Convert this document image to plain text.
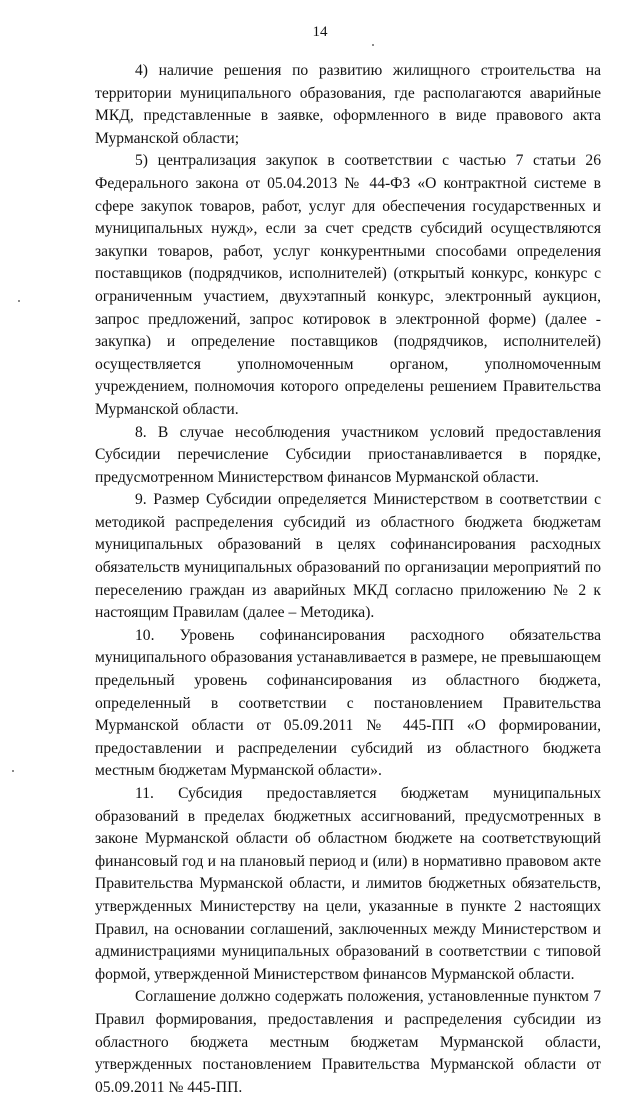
14

4) наличие решения по развитию жилищного строительства на территории муниципального образования, где располагаются аварийные МКД, представленные в заявке, оформленного в виде правового акта Мурманской области;

5) централизация закупок в соответствии с частью 7 статьи 26 Федерального закона от 05.04.2013 № 44-ФЗ «О контрактной системе в сфере закупок товаров, работ, услуг для обеспечения государственных и муниципальных нужд», если за счет средств субсидий осуществляются закупки товаров, работ, услуг конкурентными способами определения поставщиков (подрядчиков, исполнителей) (открытый конкурс, конкурс с ограниченным участием, двухэтапный конкурс, электронный аукцион, запрос предложений, запрос котировок в электронной форме) (далее - закупка) и определение поставщиков (подрядчиков, исполнителей) осуществляется уполномоченным органом, уполномоченным учреждением, полномочия которого определены решением Правительства Мурманской области.

8. В случае несоблюдения участником условий предоставления Субсидии перечисление Субсидии приостанавливается в порядке, предусмотренном Министерством финансов Мурманской области.

9. Размер Субсидии определяется Министерством в соответствии с методикой распределения субсидий из областного бюджета бюджетам муниципальных образований в целях софинансирования расходных обязательств муниципальных образований по организации мероприятий по переселению граждан из аварийных МКД согласно приложению № 2 к настоящим Правилам (далее – Методика).

10. Уровень софинансирования расходного обязательства муниципального образования устанавливается в размере, не превышающем предельный уровень софинансирования из областного бюджета, определенный в соответствии с постановлением Правительства Мурманской области от 05.09.2011 № 445-ПП «О формировании, предоставлении и распределении субсидий из областного бюджета местным бюджетам Мурманской области».

11. Субсидия предоставляется бюджетам муниципальных образований в пределах бюджетных ассигнований, предусмотренных в законе Мурманской области об областном бюджете на соответствующий финансовый год и на плановый период и (или) в нормативно правовом акте Правительства Мурманской области, и лимитов бюджетных обязательств, утвержденных Министерству на цели, указанные в пункте 2 настоящих Правил, на основании соглашений, заключенных между Министерством и администрациями муниципальных образований в соответствии с типовой формой, утвержденной Министерством финансов Мурманской области.

Соглашение должно содержать положения, установленные пунктом 7 Правил формирования, предоставления и распределения субсидии из областного бюджета местным бюджетам Мурманской области, утвержденных постановлением Правительства Мурманской области от 05.09.2011 № 445-ПП.
